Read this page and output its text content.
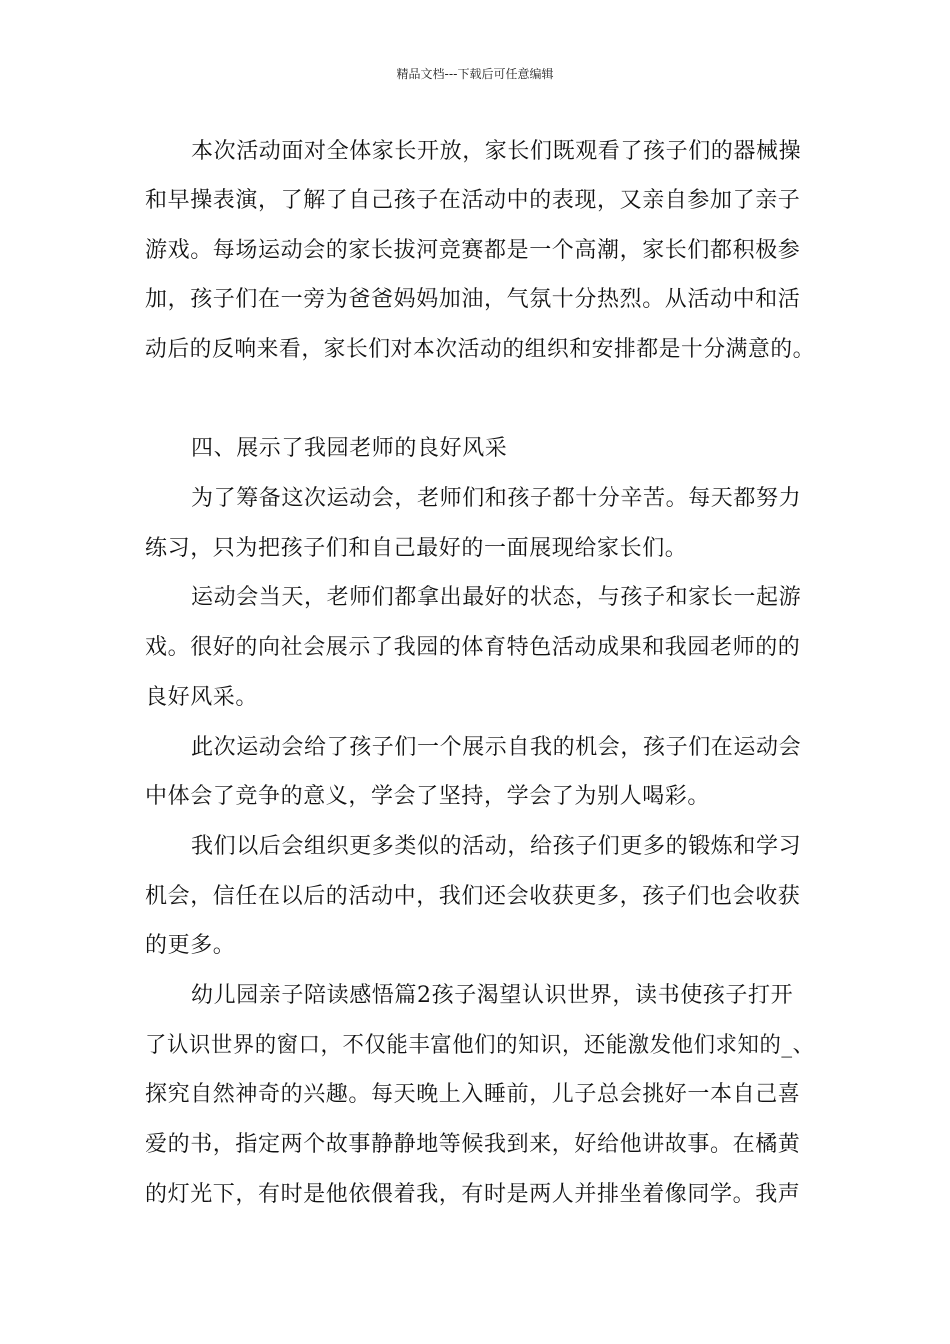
精品文档---下载后可任意编辑
本次活动面对全体家长开放，家长们既观看了孩子们的器械操
和早操表演，了解了自己孩子在活动中的表现，又亲自参加了亲子
游戏。每场运动会的家长拔河竞赛都是一个高潮，家长们都积极参
加，孩子们在一旁为爸爸妈妈加油，气氛十分热烈。从活动中和活
动后的反响来看，家长们对本次活动的组织和安排都是十分满意的。
四、展示了我园老师的良好风采
为了筹备这次运动会，老师们和孩子都十分辛苦。每天都努力
练习，只为把孩子们和自己最好的一面展现给家长们。
运动会当天，老师们都拿出最好的状态，与孩子和家长一起游
戏。很好的向社会展示了我园的体育特色活动成果和我园老师的的
良好风采。
此次运动会给了孩子们一个展示自我的机会，孩子们在运动会
中体会了竞争的意义，学会了坚持，学会了为别人喝彩。
我们以后会组织更多类似的活动，给孩子们更多的锻炼和学习
机会，信任在以后的活动中，我们还会收获更多，孩子们也会收获
的更多。
幼儿园亲子陪读感悟篇2孩子渴望认识世界，读书使孩子打开
了认识世界的窗口，不仅能丰富他们的知识，还能激发他们求知的_、
探究自然神奇的兴趣。每天晚上入睡前，儿子总会挑好一本自己喜
爱的书，指定两个故事静静地等候我到来，好给他讲故事。在橘黄
的灯光下，有时是他依偎着我，有时是两人并排坐着像同学。我声
